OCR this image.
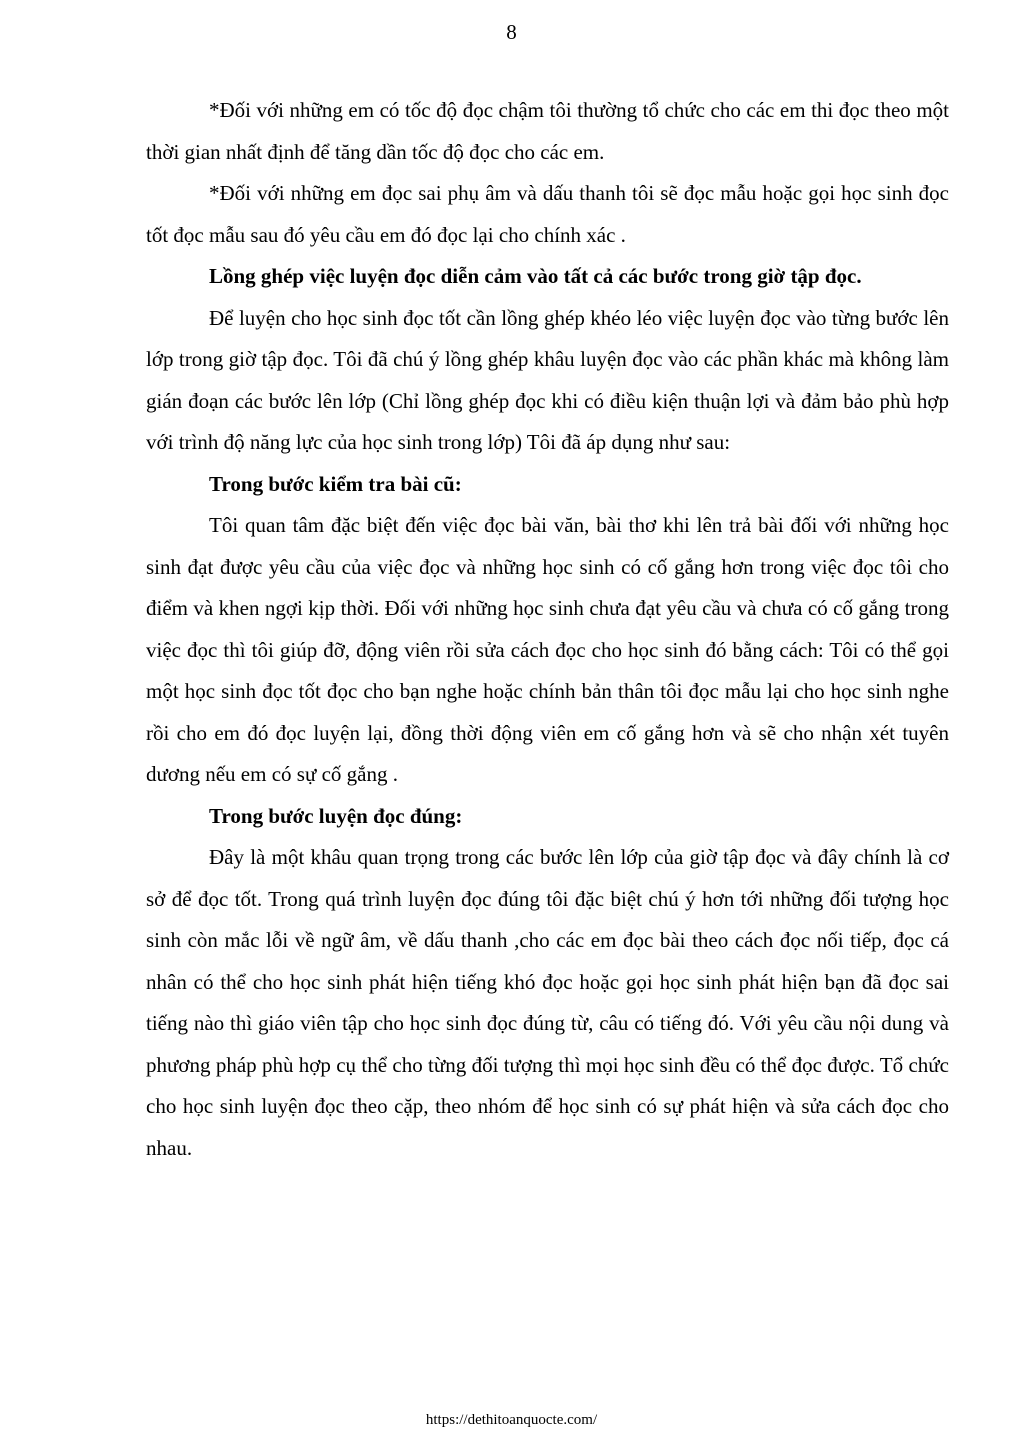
8

*Đối với những em có tốc độ đọc chậm tôi thường tổ chức cho các em thi đọc theo một thời gian nhất định để tăng dần tốc độ đọc cho các em.

*Đối với những em đọc sai phụ âm và dấu thanh tôi sẽ đọc mẫu hoặc gọi học sinh đọc tốt đọc mẫu sau đó yêu cầu em đó đọc lại cho chính xác .

Lồng ghép việc luyện đọc diễn cảm vào tất cả các bước trong giờ tập đọc.

Để luyện cho học sinh đọc tốt cần lồng ghép khéo léo việc luyện đọc vào từng bước lên lớp trong giờ tập đọc. Tôi đã chú ý lồng ghép khâu luyện đọc vào các phần khác mà không làm gián đoạn các bước lên lớp (Chỉ lồng ghép đọc khi có điều kiện thuận lợi và đảm bảo phù hợp với trình độ năng lực của học sinh trong lớp) Tôi đã áp dụng như sau:

Trong bước kiểm tra bài cũ:

Tôi quan tâm đặc biệt đến việc đọc bài văn, bài thơ khi lên trả bài đối với những học sinh đạt được yêu cầu của việc đọc và những học sinh có cố gắng hơn trong việc đọc tôi cho điểm và khen ngợi kịp thời. Đối với những học sinh chưa đạt yêu cầu và chưa có cố gắng trong việc đọc thì tôi giúp đỡ, động viên rồi sửa cách đọc cho học sinh đó bằng cách: Tôi có thể gọi một học sinh đọc tốt đọc cho bạn nghe hoặc chính bản thân tôi đọc mẫu lại cho học sinh nghe rồi cho em đó đọc luyện lại, đồng thời động viên em cố gắng hơn và sẽ cho nhận xét tuyên dương nếu em có sự cố gắng .

Trong bước luyện đọc đúng:

Đây là một khâu quan trọng trong các bước lên lớp của giờ tập đọc và đây chính là cơ sở để đọc tốt. Trong quá trình luyện đọc đúng tôi đặc biệt chú ý hơn tới những đối tượng học sinh còn mắc lỗi về ngữ âm, về dấu thanh ,cho các em đọc bài theo cách đọc nối tiếp, đọc cá nhân có thể cho học sinh phát hiện tiếng khó đọc hoặc gọi học sinh phát hiện bạn đã đọc sai tiếng nào thì giáo viên tập cho học sinh đọc đúng từ, câu có tiếng đó. Với yêu cầu nội dung và phương pháp phù hợp cụ thể cho từng đối tượng thì mọi học sinh đều có thể đọc được. Tổ chức cho học sinh luyện đọc theo cặp, theo nhóm để học sinh có sự phát hiện và sửa cách đọc cho nhau.

https://dethitoanquocte.com/
